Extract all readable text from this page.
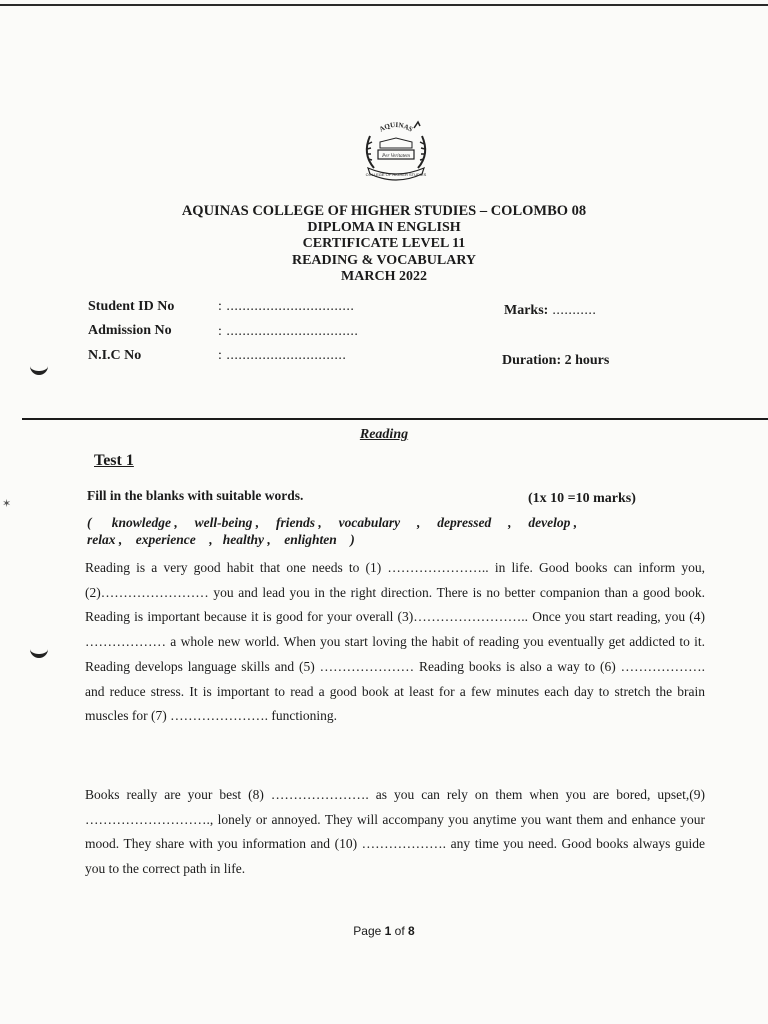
AQUINAS
Per Veritatem
COLLEGE OF HIGHER STUDIES
AQUINAS COLLEGE OF HIGHER STUDIES – COLOMBO 08
DIPLOMA IN ENGLISH
CERTIFICATE LEVEL 11
READING & VOCABULARY
MARCH 2022
Student ID No	: ................................
Admission No	: .................................
N.I.C No	: ..............................
Marks: ...........
Duration: 2 hours
✶
Reading
Test 1
Fill in the blanks with suitable words.	(1x 10 =10 marks)
(      knowledge ,     well-being ,     friends ,     vocabulary     ,     depressed     ,     develop ,
relax ,    experience    ,   healthy ,    enlighten    )

Reading is a very good habit that one needs to (1) ………………….. in life. Good books can inform you, (2)…………………… you and lead you in the right direction. There is no better companion than a good book. Reading is important because it is good for your overall (3)…………………….. Once you start reading, you (4) ……………… a whole new world. When you start loving the habit of reading you eventually get addicted to it. Reading develops language skills and (5) ………………… Reading books is also a way to (6) ………………. and reduce stress. It is important to read a good book at least for a few minutes each day to stretch the brain muscles for (7) …………………. functioning.

Books really are your best (8) …………………. as you can rely on them when you are bored, upset,(9) ………………………., lonely or annoyed. They will accompany you anytime you want them and enhance your mood. They share with you information and (10) ………………. any time you need. Good books always guide you to the correct path in life.

Page 1 of 8
